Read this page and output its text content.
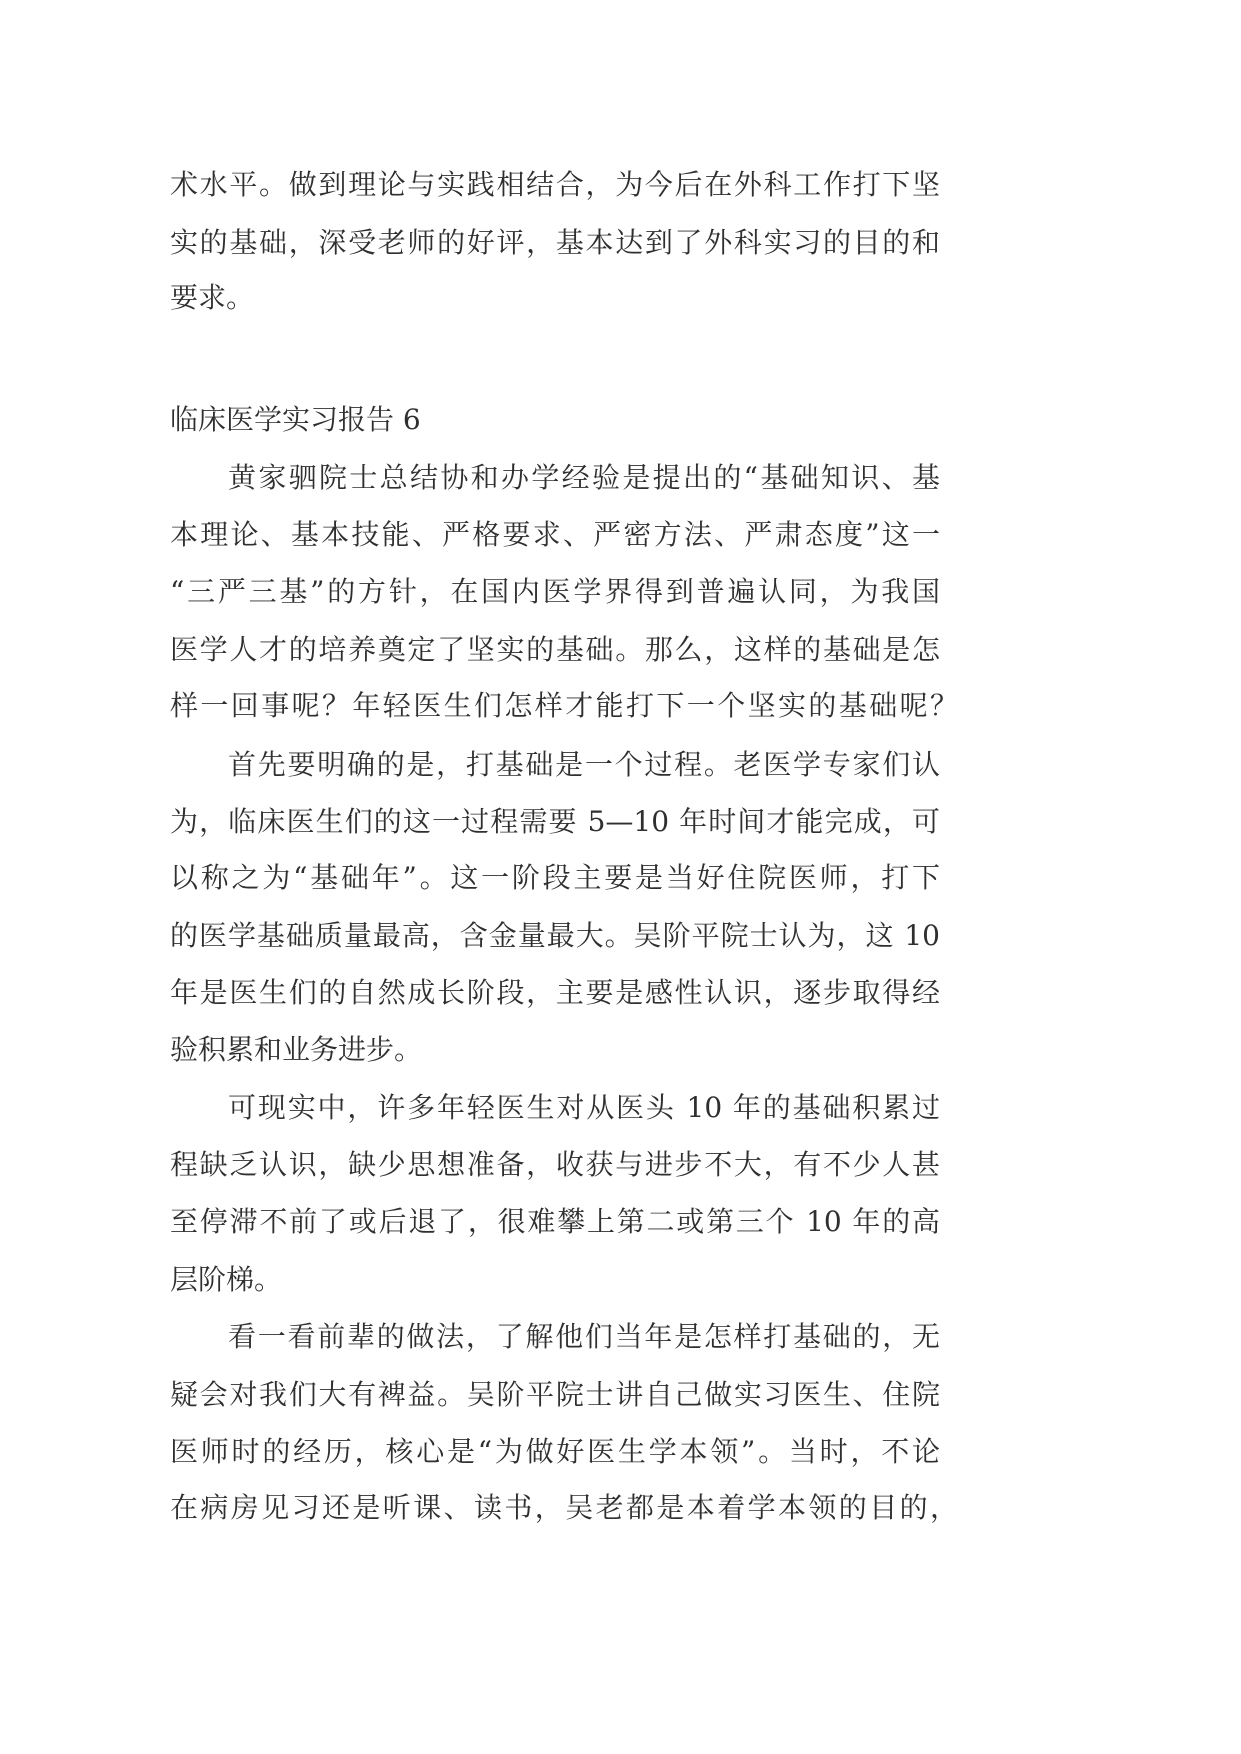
术水平。做到理论与实践相结合，为今后在外科工作打下坚
实的基础，深受老师的好评，基本达到了外科实习的目的和
要求。
临床医学实习报告 6
黄家驷院士总结协和办学经验是提出的“基础知识、基
本理论、基本技能、严格要求、严密方法、严肃态度”这一
“三严三基”的方针，在国内医学界得到普遍认同，为我国
医学人才的培养奠定了坚实的基础。那么，这样的基础是怎
样一回事呢？年轻医生们怎样才能打下一个坚实的基础呢？
首先要明确的是，打基础是一个过程。老医学专家们认
为，临床医生们的这一过程需要 5—10 年时间才能完成，可
以称之为“基础年”。这一阶段主要是当好住院医师，打下
的医学基础质量最高，含金量最大。吴阶平院士认为，这 10
年是医生们的自然成长阶段，主要是感性认识，逐步取得经
验积累和业务进步。
可现实中，许多年轻医生对从医头 10 年的基础积累过
程缺乏认识，缺少思想准备，收获与进步不大，有不少人甚
至停滞不前了或后退了，很难攀上第二或第三个 10 年的高
层阶梯。
看一看前辈的做法，了解他们当年是怎样打基础的，无
疑会对我们大有裨益。吴阶平院士讲自己做实习医生、住院
医师时的经历，核心是“为做好医生学本领”。当时，不论
在病房见习还是听课、读书，吴老都是本着学本领的目的，
